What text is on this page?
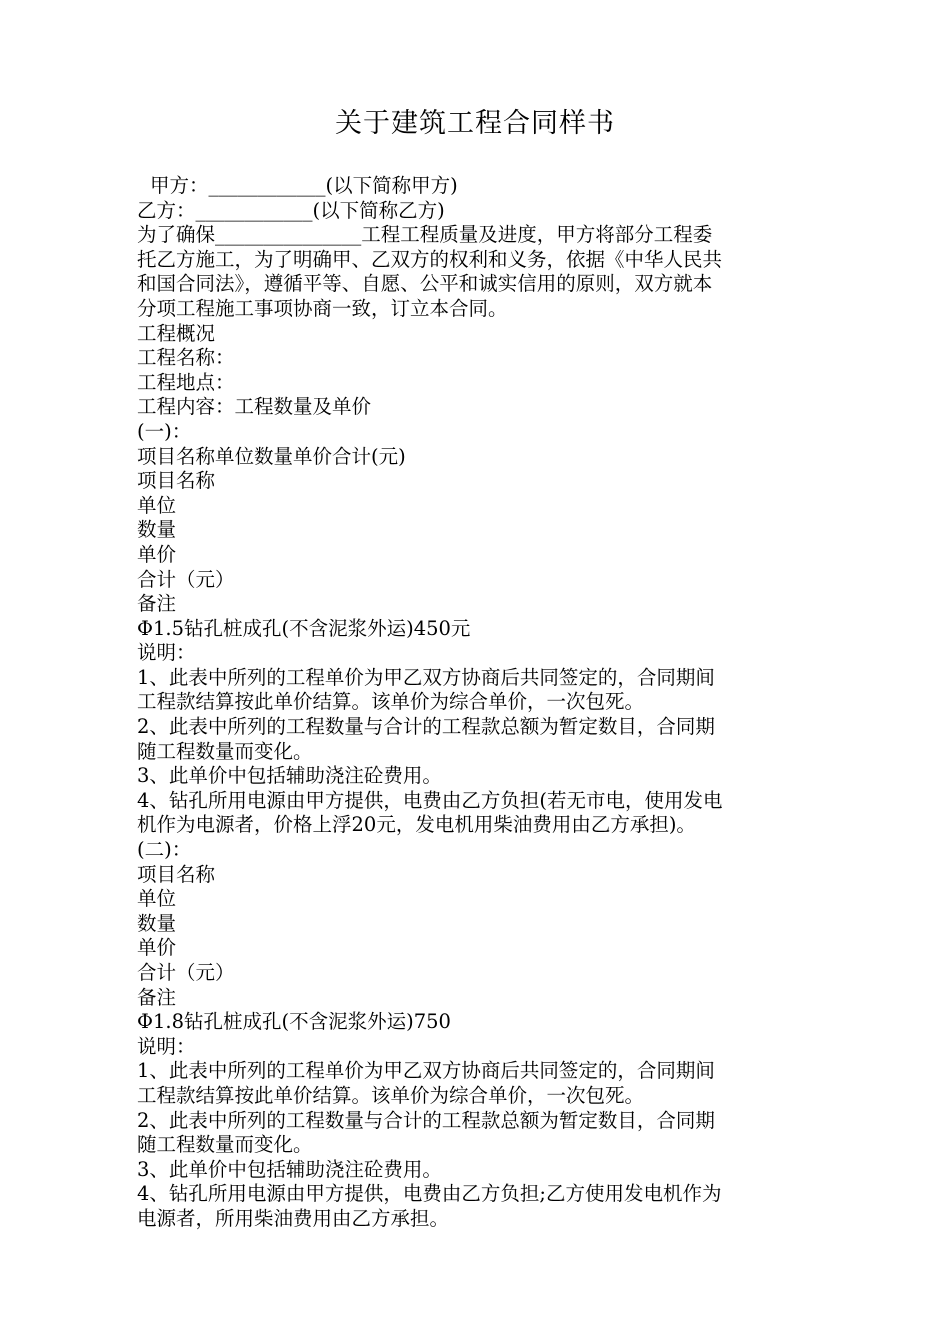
关于建筑工程合同样书
甲方：____________(以下简称甲方)
乙方：____________(以下简称乙方)
为了确保_______________工程工程质量及进度，甲方将部分工程委
托乙方施工，为了明确甲、乙双方的权利和义务，依据《中华人民共
和国合同法》，遵循平等、自愿、公平和诚实信用的原则，双方就本
分项工程施工事项协商一致，订立本合同。
工程概况
工程名称：
工程地点：
工程内容：工程数量及单价
(一)：
项目名称单位数量单价合计(元)
项目名称
单位
数量
单价
合计（元）
备注
Φ1.5钻孔桩成孔(不含泥浆外运)450元
说明：
1、此表中所列的工程单价为甲乙双方协商后共同签定的，合同期间
工程款结算按此单价结算。该单价为综合单价，一次包死。
2、此表中所列的工程数量与合计的工程款总额为暂定数目，合同期
随工程数量而变化。
3、此单价中包括辅助浇注砼费用。
4、钻孔所用电源由甲方提供，电费由乙方负担(若无市电，使用发电
机作为电源者，价格上浮20元，发电机用柴油费用由乙方承担)。
(二)：
项目名称
单位
数量
单价
合计（元）
备注
Φ1.8钻孔桩成孔(不含泥浆外运)750
说明：
1、此表中所列的工程单价为甲乙双方协商后共同签定的，合同期间
工程款结算按此单价结算。该单价为综合单价，一次包死。
2、此表中所列的工程数量与合计的工程款总额为暂定数目，合同期
随工程数量而变化。
3、此单价中包括辅助浇注砼费用。
4、钻孔所用电源由甲方提供，电费由乙方负担;乙方使用发电机作为
电源者，所用柴油费用由乙方承担。
